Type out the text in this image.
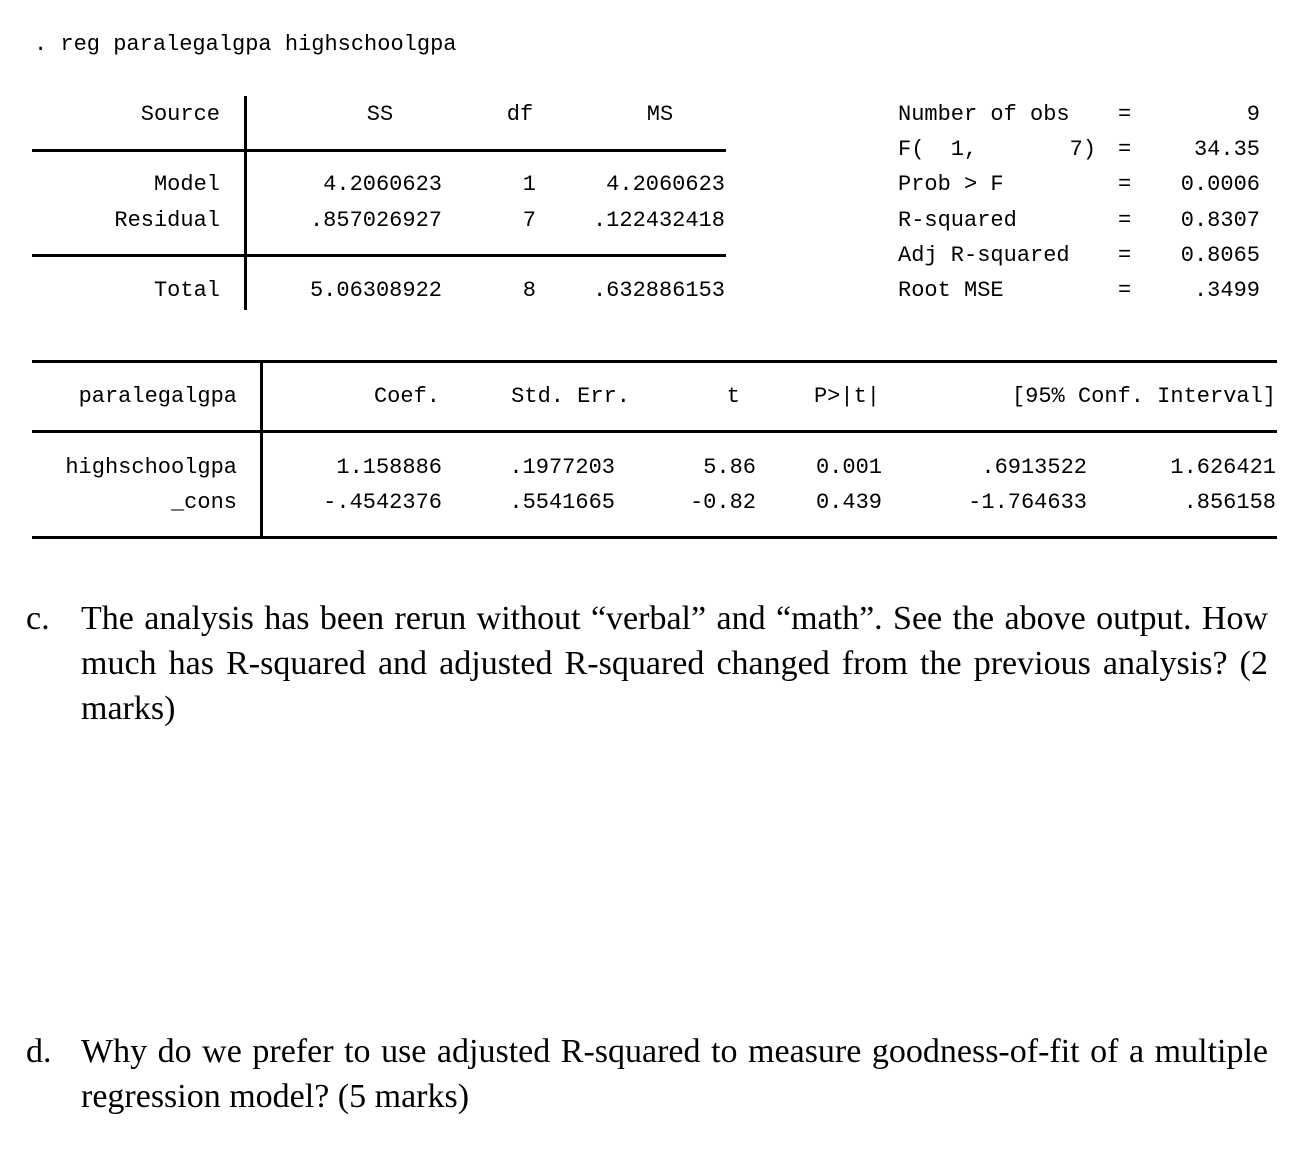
. reg paralegalgpa highschoolgpa
Source	SS	df	MS
Model	4.2060623	1	4.2060623
Residual	.857026927	7	.122432418
Total	5.06308922	8	.632886153
Number of obs =	9
F(  1,       7) =	34.35
Prob > F	=	0.0006
R-squared	=	0.8307
Adj R-squared =	0.8065
Root MSE	=	.3499
paralegalgpa	Coef.	Std. Err.	t	P>|t|	[95% Conf. Interval]
highschoolgpa	1.158886	.1977203	5.86	0.001	.6913522	1.626421
_cons	-.4542376	.5541665	-0.82	0.439	-1.764633	.856158
c. The analysis has been rerun without “verbal” and “math”. See the above output. How much has R-squared and adjusted R-squared changed from the previous analysis? (2 marks)
d. Why do we prefer to use adjusted R-squared to measure goodness-of-fit of a multiple regression model? (5 marks)
